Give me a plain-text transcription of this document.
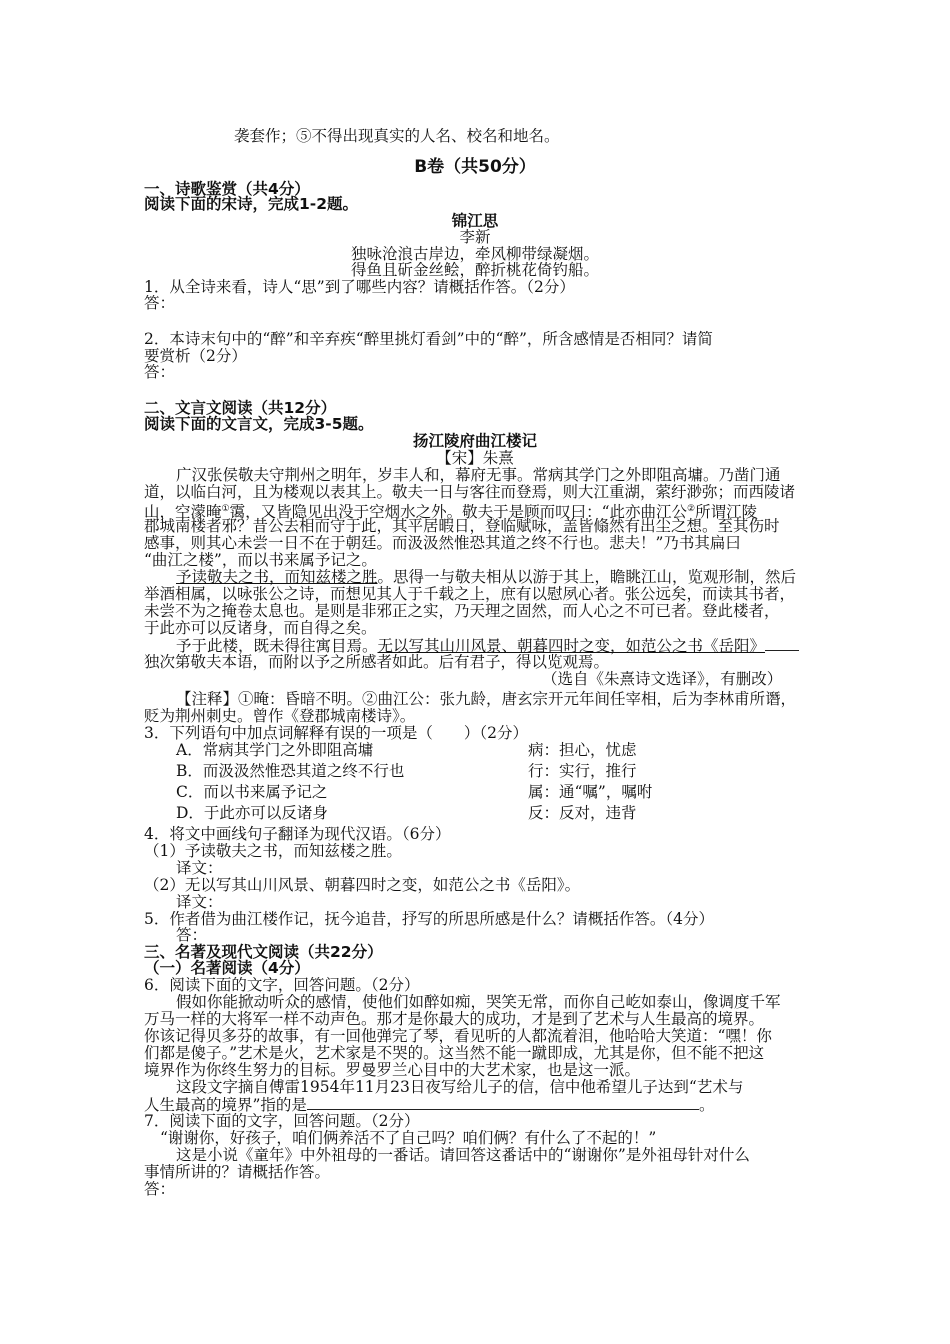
袭套作；⑤不得出现真实的人名、校名和地名。
B卷（共50分）
一、诗歌鉴赏（共4分）
阅读下面的宋诗，完成1-2题。
锦江思
李新
独咏沧浪古岸边，牵风柳带绿凝烟。
得鱼且斫金丝鲙，醉折桃花倚钓船。
1．从全诗来看，诗人“思”到了哪些内容？请概括作答。（2分）
答：
2．本诗末句中的“醉”和辛弃疾“醉里挑灯看剑”中的“醉”，所含感情是否相同？请简
要赏析（2分）
答：
二、文言文阅读（共12分）
阅读下面的文言文，完成3-5题。
扬江陵府曲江楼记
【宋】朱熹
广汉张侯敬夫守荆州之明年，岁丰人和，幕府无事。常病其学门之外即阻高墉。乃凿门通
道，以临白河，且为楼观以表其上。敬夫一日与客往而登焉，则大江重湖，萦纡渺弥；而西陵诸
山，空濛晻①霭，又皆隐见出没于空烟水之外。敬夫于是顾而叹曰：“此亦曲江公②所谓江陵
郡城南楼者邪？昔公去相而守于此，其平居暇日，登临赋咏，盖皆翛然有出尘之想。至其伤时
感事，则其心未尝一日不在于朝廷。而汲汲然惟恐其道之终不行也。悲夫！”乃书其扁曰
“曲江之楼”，而以书来属予记之。
予读敬夫之书，而知兹楼之胜。思得一与敬夫相从以游于其上，瞻眺江山，览观形制，然后
举酒相属，以咏张公之诗，而想见其人于千载之上，庶有以慰夙心者。张公远矣，而读其书者，
未尝不为之掩卷太息也。是则是非邪正之实，乃天理之固然，而人心之不可已者。登此楼者，
于此亦可以反诸身，而自得之矣。
予于此楼，既未得往寓目焉。无以写其山川风景、朝暮四时之变，如范公之书《岳阳》
独次第敬夫本语，而附以予之所感者如此。后有君子，得以览观焉。
（选自《朱熹诗文选译》，有删改）
【注释】①晻：昏暗不明。②曲江公：张九龄，唐玄宗开元年间任宰相，后为李林甫所谮，
贬为荆州刺史。曾作《登郡城南楼诗》。
3．下列语句中加点词解释有误的一项是（　　）（2分）
A．常病其学门之外即阻高墉	病：担心，忧虑
B．而汲汲然惟恐其道之终不行也	行：实行，推行
C．而以书来属予记之	属：通“嘱”，嘱咐
D．于此亦可以反诸身	反：反对，违背
4．将文中画线句子翻译为现代汉语。（6分）
（1）予读敬夫之书，而知兹楼之胜。
译文：
（2）无以写其山川风景、朝暮四时之变，如范公之书《岳阳》。
译文：
5．作者借为曲江楼作记，抚今追昔，抒写的所思所感是什么？请概括作答。（4分）
答：
三、名著及现代文阅读（共22分）
（一）名著阅读（4分）
6．阅读下面的文字，回答问题。（2分）
假如你能掀动听众的感情，使他们如醉如痴，哭笑无常，而你自己屹如泰山，像调度千军
万马一样的大将军一样不动声色。那才是你最大的成功，才是到了艺术与人生最高的境界。
你该记得贝多芬的故事，有一回他弹完了琴，看见听的人都流着泪，他哈哈大笑道：“嘿！你
们都是傻子。”艺术是火，艺术家是不哭的。这当然不能一蹴即成，尤其是你，但不能不把这
境界作为你终生努力的目标。罗曼罗兰心目中的大艺术家，也是这一派。
这段文字摘自傅雷1954年11月23日夜写给儿子的信，信中他希望儿子达到“艺术与
人生最高的境界”指的是	。
7．阅读下面的文字，回答问题。（2分）
“谢谢你，好孩子，咱们俩养活不了自己吗？咱们俩？有什么了不起的！”
这是小说《童年》中外祖母的一番话。请回答这番话中的“谢谢你”是外祖母针对什么
事情所讲的？请概括作答。
答：
